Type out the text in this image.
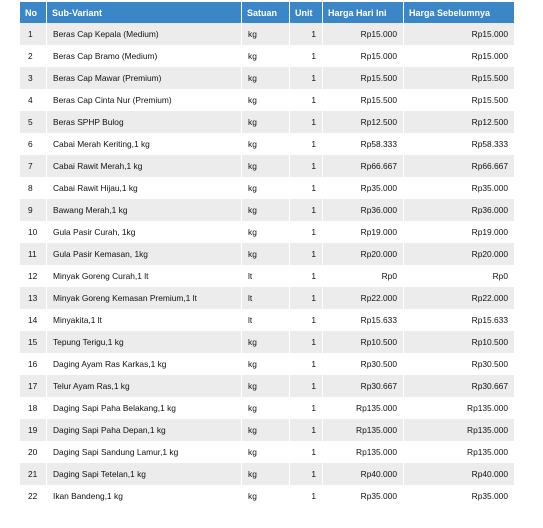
No	Sub-Variant	Satuan	Unit	Harga Hari Ini	Harga Sebelumnya
1	Beras Cap Kepala (Medium)	kg	1	Rp15.000	Rp15.000
2	Beras Cap Bramo (Medium)	kg	1	Rp15.000	Rp15.000
3	Beras Cap Mawar (Premium)	kg	1	Rp15.500	Rp15.500
4	Beras Cap Cinta Nur (Premium)	kg	1	Rp15.500	Rp15.500
5	Beras SPHP Bulog	kg	1	Rp12.500	Rp12.500
6	Cabai Merah Keriting,1 kg	kg	1	Rp58.333	Rp58.333
7	Cabai Rawit Merah,1 kg	kg	1	Rp66.667	Rp66.667
8	Cabai Rawit Hijau,1 kg	kg	1	Rp35.000	Rp35.000
9	Bawang Merah,1 kg	kg	1	Rp36.000	Rp36.000
10	Gula Pasir Curah, 1kg	kg	1	Rp19.000	Rp19.000
11	Gula Pasir Kemasan, 1kg	kg	1	Rp20.000	Rp20.000
12	Minyak Goreng Curah,1 lt	lt	1	Rp0	Rp0
13	Minyak Goreng Kemasan Premium,1 lt	lt	1	Rp22.000	Rp22.000
14	Minyakita,1 lt	lt	1	Rp15.633	Rp15.633
15	Tepung Terigu,1 kg	kg	1	Rp10.500	Rp10.500
16	Daging Ayam Ras Karkas,1 kg	kg	1	Rp30.500	Rp30.500
17	Telur Ayam Ras,1 kg	kg	1	Rp30.667	Rp30.667
18	Daging Sapi Paha Belakang,1 kg	kg	1	Rp135.000	Rp135.000
19	Daging Sapi Paha Depan,1 kg	kg	1	Rp135.000	Rp135.000
20	Daging Sapi Sandung Lamur,1 kg	kg	1	Rp135.000	Rp135.000
21	Daging Sapi Tetelan,1 kg	kg	1	Rp40.000	Rp40.000
22	Ikan Bandeng,1 kg	kg	1	Rp35.000	Rp35.000
